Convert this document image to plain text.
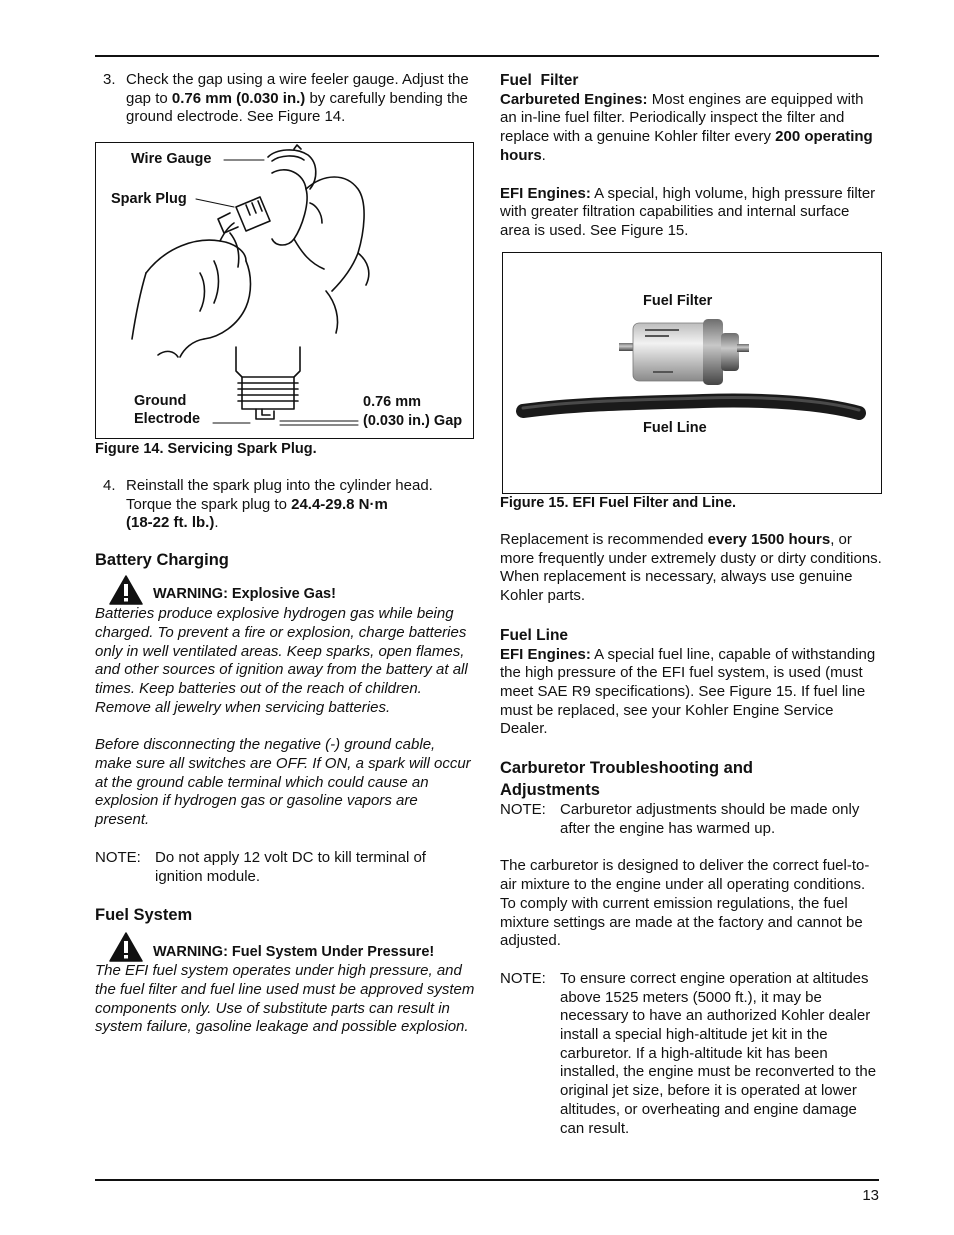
3. Check the gap using a wire feeler gauge. Adjust the gap to 0.76 mm (0.030 in.) by carefully bending the ground electrode. See Figure 14.

Wire Gauge
Spark Plug
Ground
Electrode
0.76 mm
(0.030 in.) Gap
Figure 14. Servicing Spark Plug.
4. Reinstall the spark plug into the cylinder head. Torque the spark plug to 24.4-29.8 N·m
(18-22 ft. lb.).

Battery Charging
WARNING: Explosive Gas!

Batteries produce explosive hydrogen gas while being charged. To prevent a fire or explosion, charge batteries only in well ventilated areas. Keep sparks, open flames, and other sources of ignition away from the battery at all times. Keep batteries out of the reach of children. Remove all jewelry when servicing batteries.

Before disconnecting the negative (-) ground cable, make sure all switches are OFF. If ON, a spark will occur at the ground cable terminal which could cause an explosion if hydrogen gas or gasoline vapors are present.

NOTE: Do not apply 12 volt DC to kill terminal of ignition module.
Fuel System
WARNING: Fuel System Under Pressure!

The EFI fuel system operates under high pressure, and the fuel filter and fuel line used must be approved system components only. Use of substitute parts can result in system failure, gasoline leakage and possible explosion.

Fuel  Filter

Carbureted Engines: Most engines are equipped with an in-line fuel filter. Periodically inspect the filter and replace with a genuine Kohler filter every 200 operating hours.

EFI Engines: A special, high volume, high pressure filter with greater filtration capabilities and internal surface area is used. See Figure 15.

Fuel Filter
Fuel Line
Figure 15. EFI Fuel Filter and Line.

Replacement is recommended every 1500 hours, or more frequently under extremely dusty or dirty conditions. When replacement is necessary, always use genuine Kohler parts.

Fuel Line

EFI Engines: A special fuel line, capable of withstanding the high pressure of the EFI fuel system, is used (must meet SAE R9 specifications). See Figure 15. If fuel line must be replaced, see your Kohler Engine Service Dealer.

Carburetor Troubleshooting and Adjustments
NOTE: Carburetor adjustments should be made only after the engine has warmed up.

The carburetor is designed to deliver the correct fuel-to-air mixture to the engine under all operating conditions. To comply with current emission regulations, the fuel mixture settings are made at the factory and cannot be adjusted.

NOTE: To ensure correct engine operation at altitudes above 1525 meters (5000 ft.), it may be necessary to have an authorized Kohler dealer install a special high-altitude jet kit in the carburetor. If a high-altitude kit has been installed, the engine must be reconverted to the original jet size, before it is operated at lower altitudes, or overheating and engine damage can result.
13
